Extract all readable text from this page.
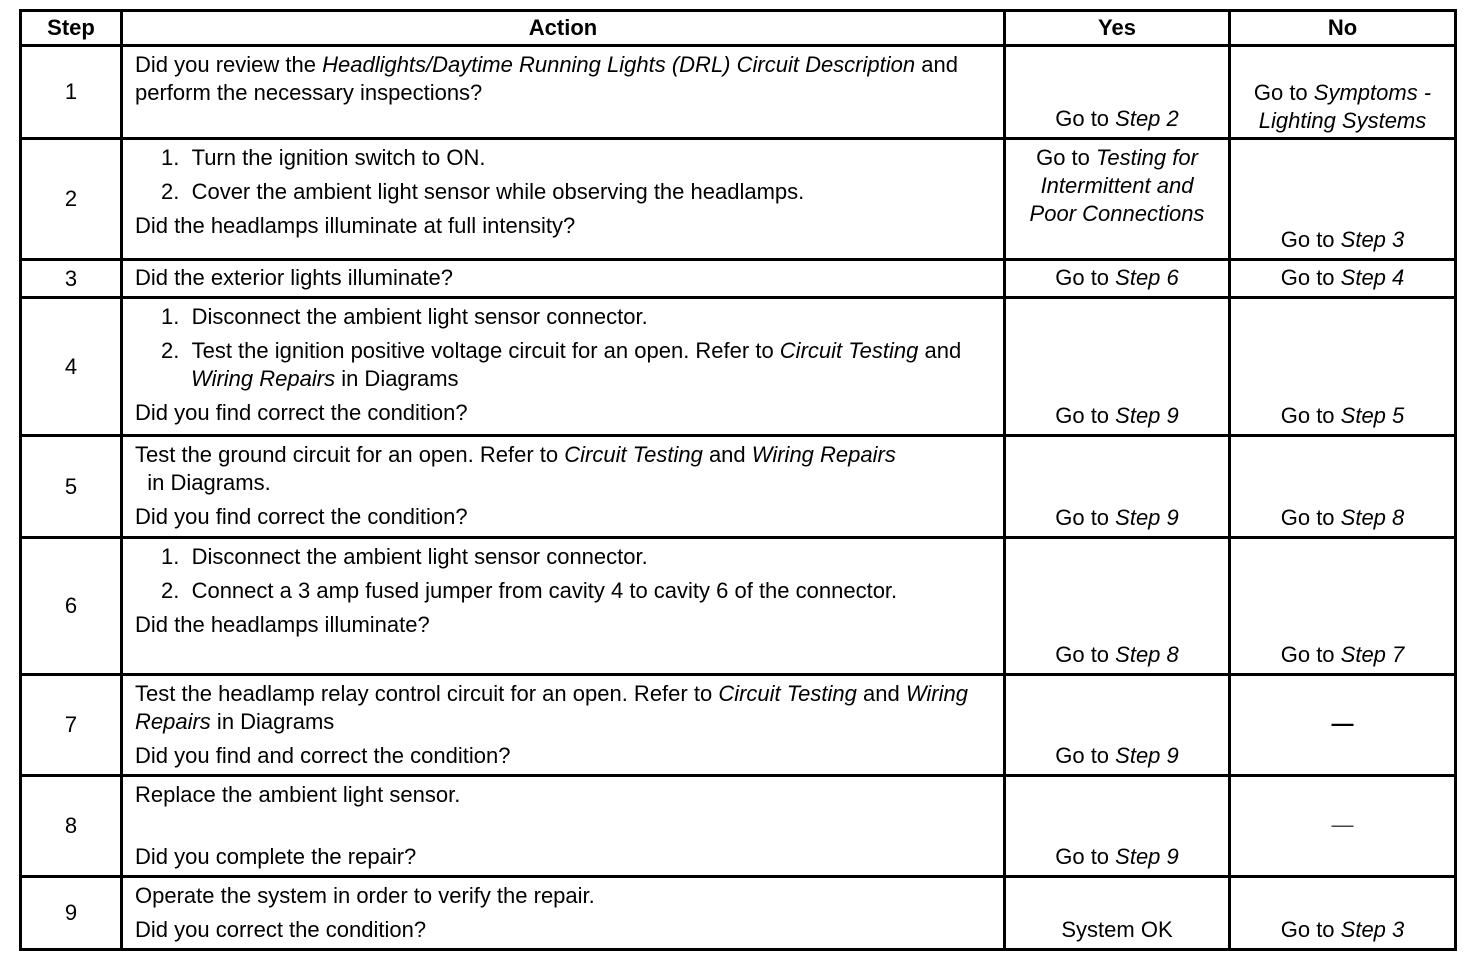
Step	Action	Yes	No
1	Did you review the Headlights/Daytime Running Lights (DRL) Circuit Description and perform the necessary inspections?	Go to Step 2	Go to Symptoms - Lighting Systems
2	1.  Turn the ignition switch to ON.
2.  Cover the ambient light sensor while observing the headlamps.
Did the headlamps illuminate at full intensity?	Go to Testing for Intermittent and Poor Connections	Go to Step 3
3	Did the exterior lights illuminate?	Go to Step 6	Go to Step 4
4	1.  Disconnect the ambient light sensor connector.
2.  Test the ignition positive voltage circuit for an open. Refer to Circuit Testing and Wiring Repairs in Diagrams
Did you find correct the condition?	Go to Step 9	Go to Step 5
5	Test the ground circuit for an open. Refer to Circuit Testing and Wiring Repairs  in Diagrams.
Did you find correct the condition?	Go to Step 9	Go to Step 8
6	1.  Disconnect the ambient light sensor connector.
2.  Connect a 3 amp fused jumper from cavity 4 to cavity 6 of the connector.
Did the headlamps illuminate?	Go to Step 8	Go to Step 7
7	Test the headlamp relay control circuit for an open. Refer to Circuit Testing and Wiring Repairs in Diagrams
Did you find and correct the condition?	Go to Step 9	—
8	Replace the ambient light sensor.
Did you complete the repair?	Go to Step 9	—
9	Operate the system in order to verify the repair.
Did you correct the condition?	System OK	Go to Step 3
